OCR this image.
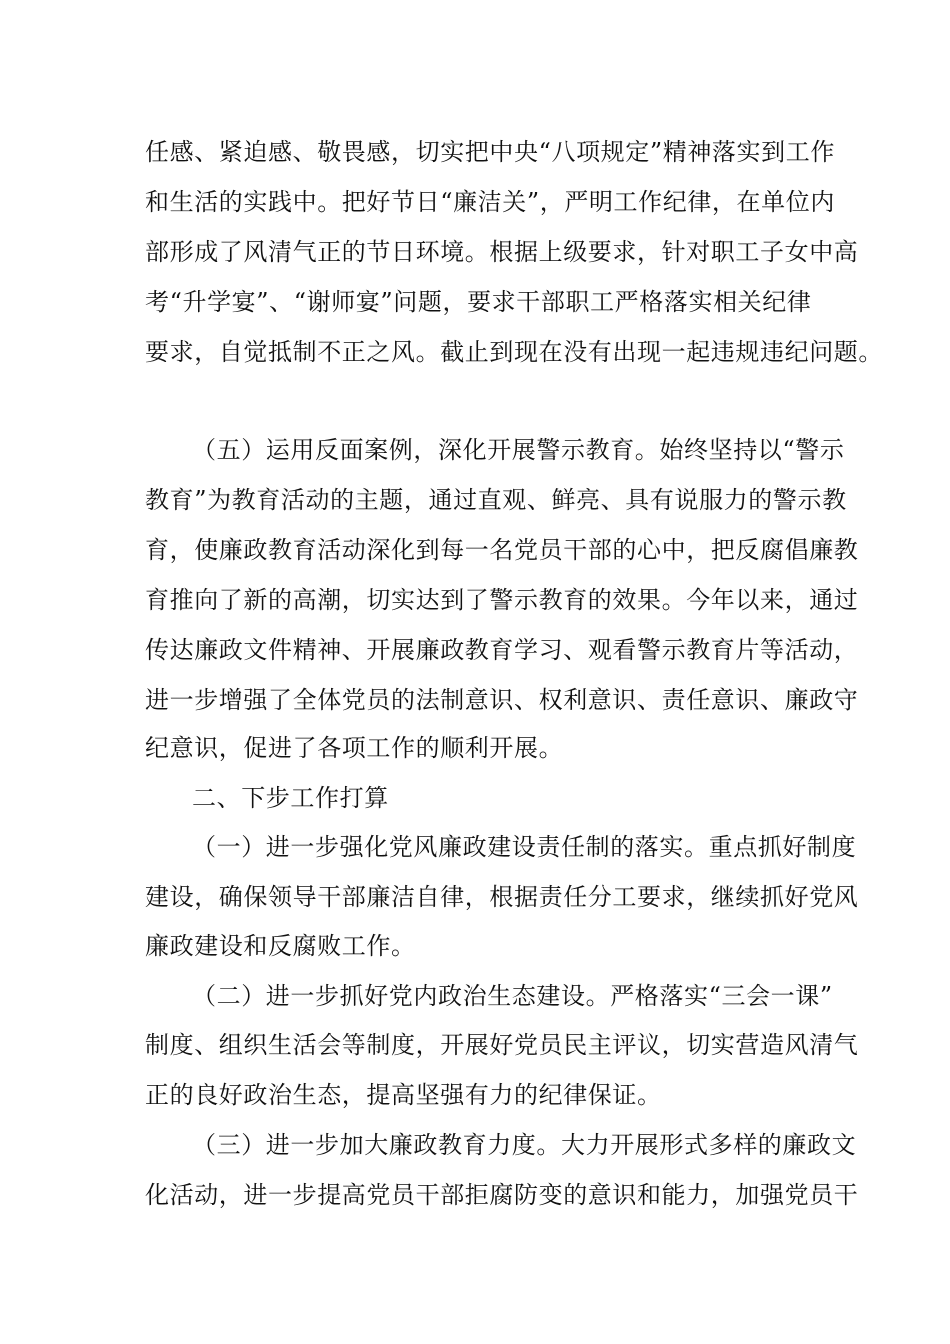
任感、紧迫感、敬畏感，切实把中央“八项规定”精神落实到工作
和生活的实践中。把好节日“廉洁关”，严明工作纪律，在单位内
部形成了风清气正的节日环境。根据上级要求，针对职工子女中高
考“升学宴”、“谢师宴”问题，要求干部职工严格落实相关纪律
要求，自觉抵制不正之风。截止到现在没有出现一起违规违纪问题。
（五）运用反面案例，深化开展警示教育。始终坚持以“警示
教育”为教育活动的主题，通过直观、鲜亮、具有说服力的警示教
育，使廉政教育活动深化到每一名党员干部的心中，把反腐倡廉教
育推向了新的高潮，切实达到了警示教育的效果。今年以来，通过
传达廉政文件精神、开展廉政教育学习、观看警示教育片等活动，
进一步增强了全体党员的法制意识、权利意识、责任意识、廉政守
纪意识，促进了各项工作的顺利开展。
二、下步工作打算
（一）进一步强化党风廉政建设责任制的落实。重点抓好制度
建设，确保领导干部廉洁自律，根据责任分工要求，继续抓好党风
廉政建设和反腐败工作。
（二）进一步抓好党内政治生态建设。严格落实“三会一课”
制度、组织生活会等制度，开展好党员民主评议，切实营造风清气
正的良好政治生态，提高坚强有力的纪律保证。
（三）进一步加大廉政教育力度。大力开展形式多样的廉政文
化活动，进一步提高党员干部拒腐防变的意识和能力，加强党员干
